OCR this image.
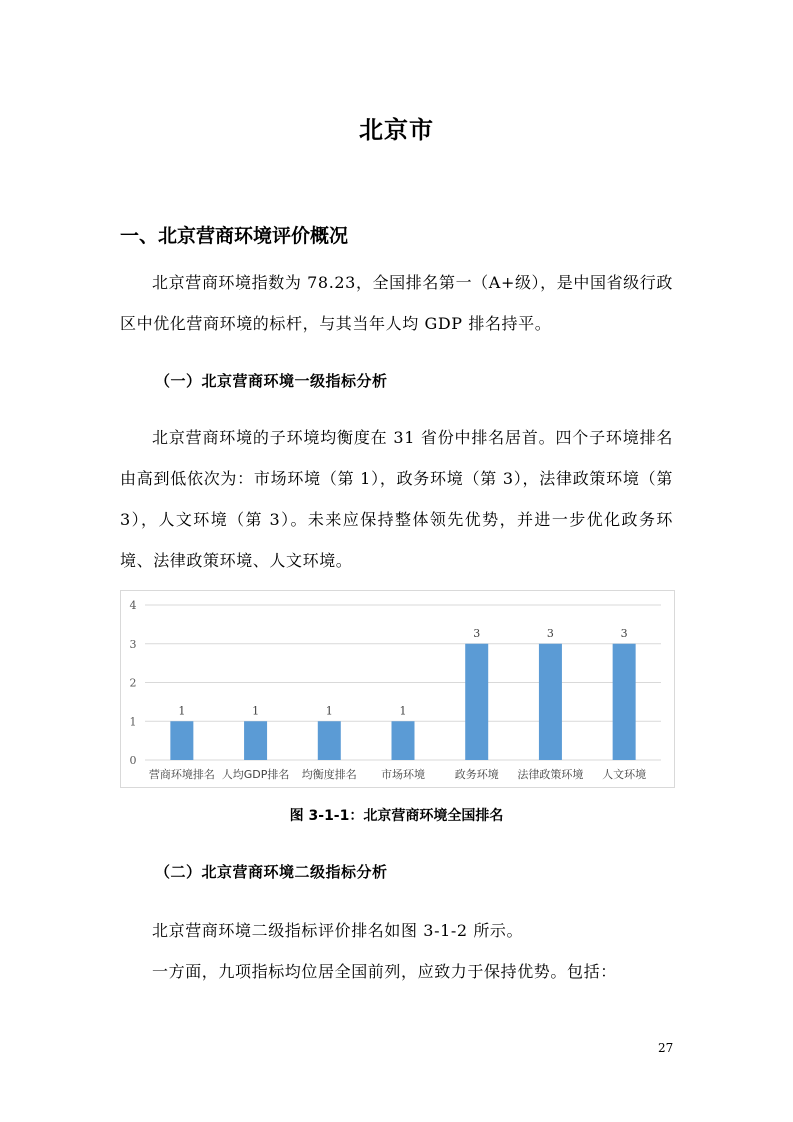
北京市
一、北京营商环境评价概况
北京营商环境指数为 78.23，全国排名第一（A+级），是中国省级行政区中优化营商环境的标杆，与其当年人均 GDP 排名持平。
（一）北京营商环境一级指标分析
北京营商环境的子环境均衡度在 31 省份中排名居首。四个子环境排名由高到低依次为：市场环境（第 1），政务环境（第 3），法律政策环境（第 3），人文环境（第 3）。未来应保持整体领先优势，并进一步优化政务环境、法律政策环境、人文环境。
0
1
2
3
4
1
营商环境排名
1
人均GDP排名
1
均衡度排名
1
市场环境
3
政务环境
3
法律政策环境
3
人文环境
图 3-1-1：北京营商环境全国排名
（二）北京营商环境二级指标分析
北京营商环境二级指标评价排名如图 3-1-2 所示。
一方面，九项指标均位居全国前列，应致力于保持优势。包括：
27
